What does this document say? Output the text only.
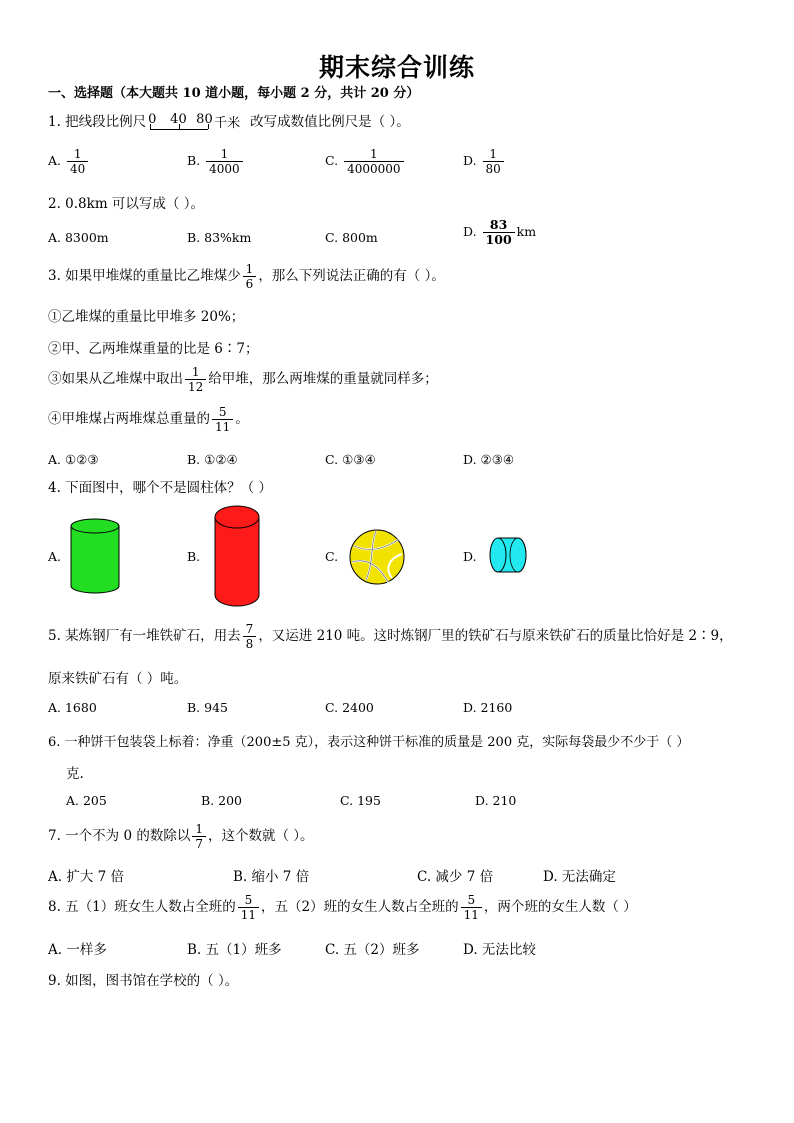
期末综合训练
一、选择题（本大题共 10 道小题，每小题 2 分，共计 20 分）
1. 把线段比例尺 0 40 80 千米 改写成数值比例尺是（ ）。
A. $\frac{1}{40}$	B. $\frac{1}{4000}$	C. $\frac{1}{4000000}$	D. $\frac{1}{80}$
2. 0.8km 可以写成（ ）。
A. 8300m	B. 83%km	C. 800m	D. $\frac{83}{100}$ km
3. 如果甲堆煤的重量比乙堆煤少 $\frac{1}{6}$ ，那么下列说法正确的有（ ）。
①乙堆煤的重量比甲堆多 20%；
②甲、乙两堆煤重量的比是 6∶7；
③如果从乙堆煤中取出 $\frac{1}{12}$ 给甲堆，那么两堆煤的重量就同样多；
④甲堆煤占两堆煤总重量的 $\frac{5}{11}$ 。
A. ①②③	B. ①②④	C. ①③④	D. ②③④
4. 下面图中，哪个不是圆柱体？（ ）
A.	B.	C.	D.
5. 某炼钢厂有一堆铁矿石，用去 $\frac{7}{8}$ ，又运进 210 吨。这时炼钢厂里的铁矿石与原来铁矿石的质量比恰好是 2∶9，
原来铁矿石有（ ）吨。
A. 1680	B. 945	C. 2400	D. 2160
6. 一种饼干包装袋上标着：净重（200±5 克），表示这种饼干标准的质量是 200 克，实际每袋最少不少于（ ）
克.
A. 205	B. 200	C. 195	D. 210
7. 一个不为 0 的数除以 $\frac{1}{7}$ ，这个数就（ ）。
A. 扩大 7 倍	B. 缩小 7 倍	C. 减少 7 倍	D. 无法确定
8. 五（1）班女生人数占全班的 $\frac{5}{11}$ ，五（2）班的女生人数占全班的 $\frac{5}{11}$ ，两个班的女生人数（ ）
A. 一样多	B. 五（1）班多	C. 五（2）班多	D. 无法比较
9. 如图，图书馆在学校的（ ）。
